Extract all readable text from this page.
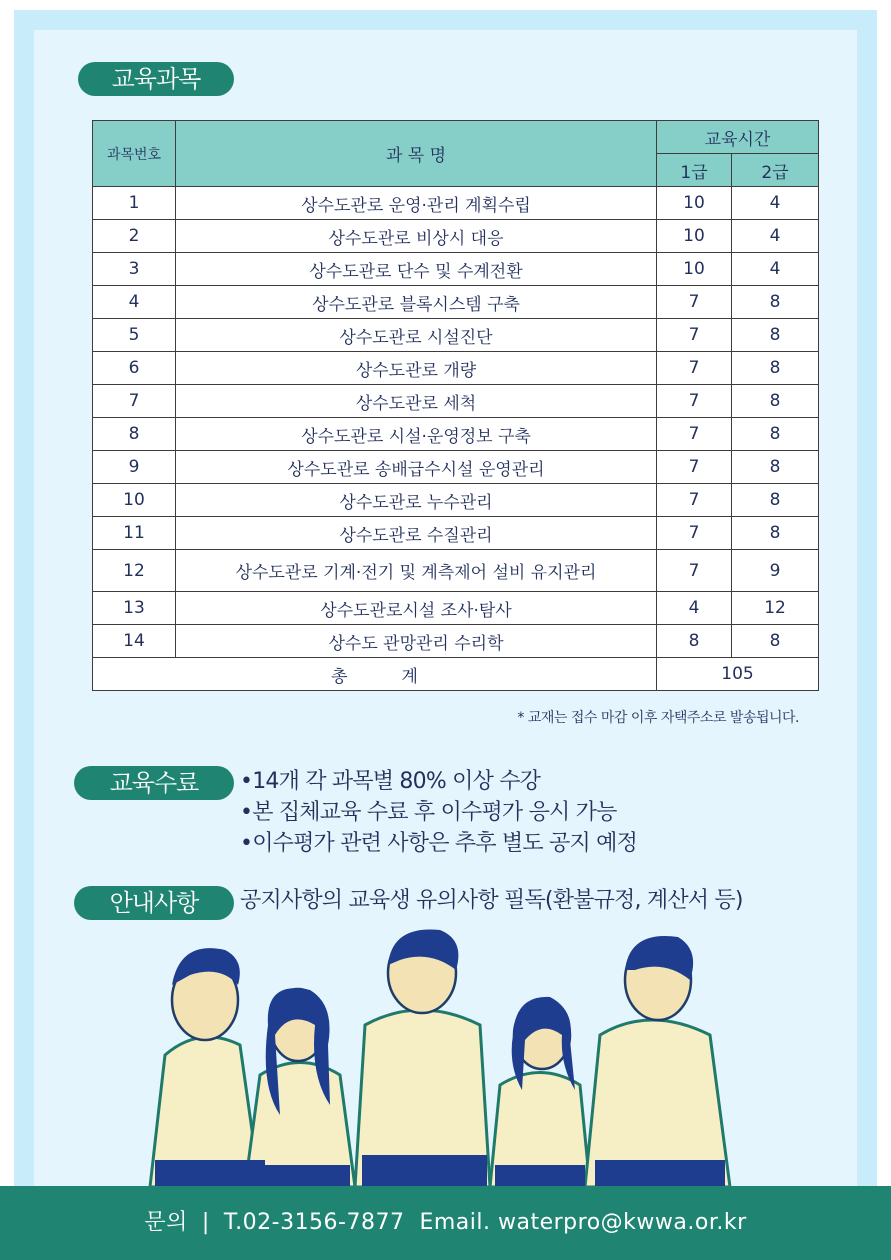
교육과목
과목번호	과 목 명	교육시간	
		1급	2급
1	상수도관로 운영·관리 계획수립	10	4
2	상수도관로 비상시 대응	10	4
3	상수도관로 단수 및 수계전환	10	4
4	상수도관로 블록시스템 구축	7	8
5	상수도관로 시설진단	7	8
6	상수도관로 개량	7	8
7	상수도관로 세척	7	8
8	상수도관로 시설·운영정보 구축	7	8
9	상수도관로 송배급수시설 운영관리	7	8
10	상수도관로 누수관리	7	8
11	상수도관로 수질관리	7	8
12	상수도관로 기계·전기 및 계측제어 설비 유지관리	7	9
13	상수도관로시설 조사·탐사	4	12
14	상수도 관망관리 수리학	8	8
총          계		105	
* 교재는 접수 마감 이후 자택주소로 발송됩니다.
교육수료	• 14개 각 과목별 80% 이상 수강
• 본 집체교육 수료 후 이수평가 응시 가능
• 이수평가 관련 사항은 추후 별도 공지 예정
안내사항	공지사항의 교육생 유의사항 필독(환불규정, 계산서 등)
문의 | T.02-3156-7877  Email. waterpro@kwwa.or.kr
